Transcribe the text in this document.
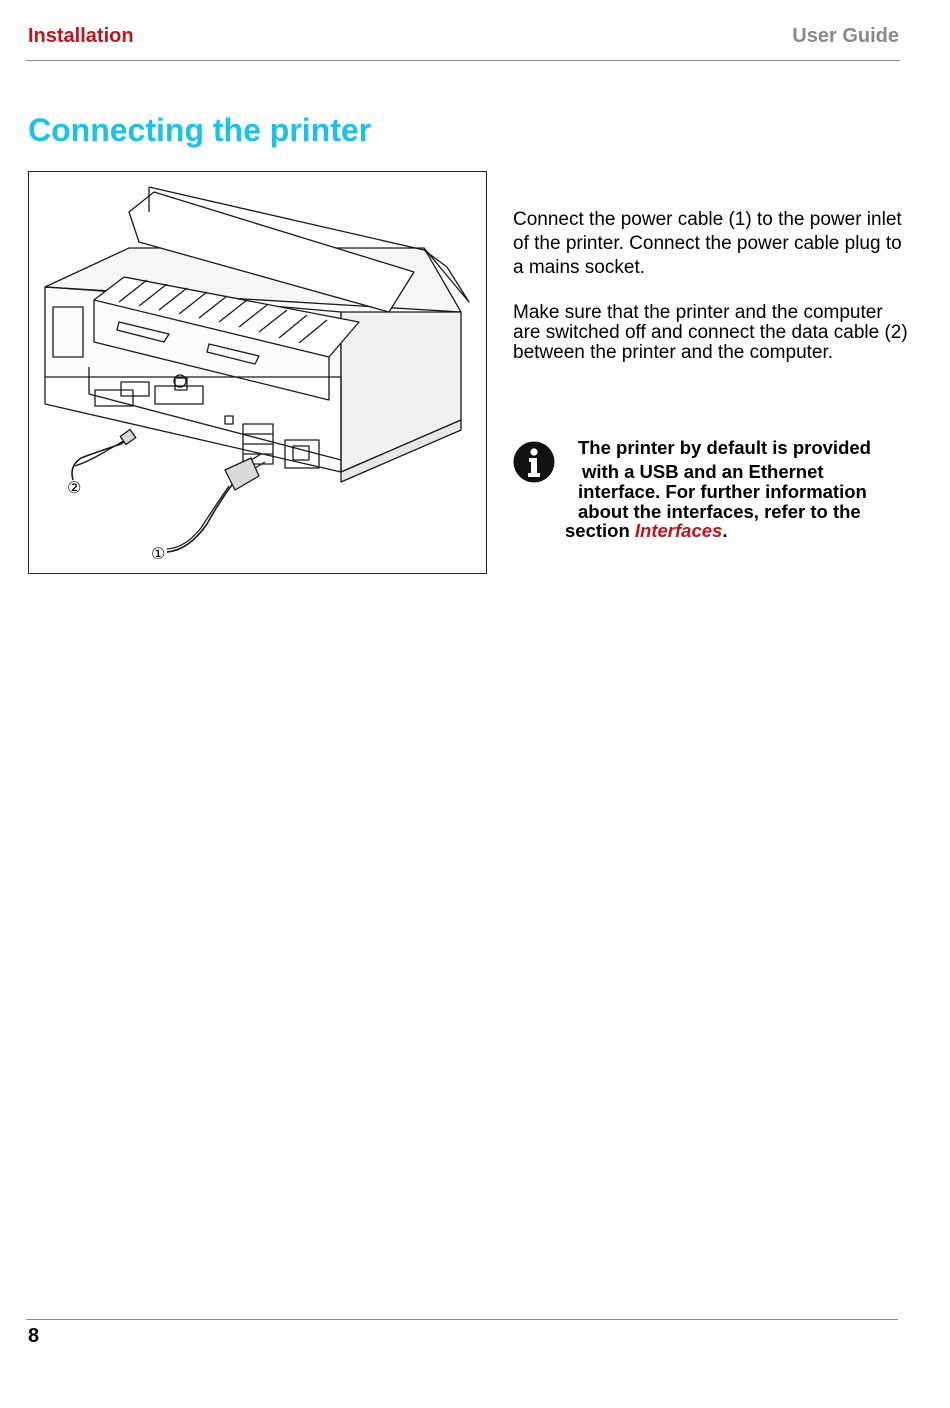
Installation	User Guide
Connecting the printer
②
①

Connect the power cable (1) to the power inlet of the printer. Connect the power cable plug to a mains socket.

Make sure that the printer and the computer
are switched off and connect the data cable (2)
between the printer and the computer.
The printer by default is provided
with a USB and an Ethernet
interface. For further information
about the interfaces, refer to the
section Interfaces.
8
